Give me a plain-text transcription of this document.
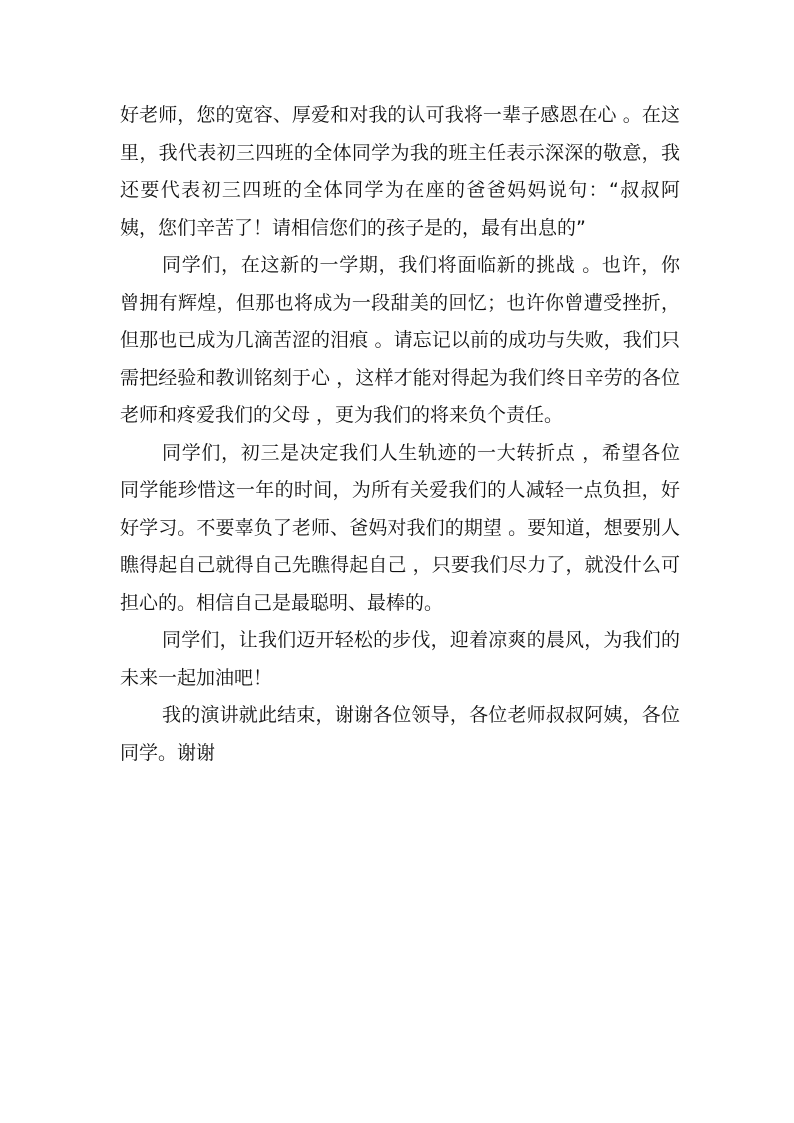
好老师，您的宽容、厚爱和对我的认可我将一辈子感恩在心 。在这里，我代表初三四班的全体同学为我的班主任表示深深的敬意，我还要代表初三四班的全体同学为在座的爸爸妈妈说句：“叔叔阿姨，您们辛苦了！请相信您们的孩子是的，最有出息的”

同学们，在这新的一学期，我们将面临新的挑战 。也许，你曾拥有辉煌，但那也将成为一段甜美的回忆；也许你曾遭受挫折，但那也已成为几滴苦涩的泪痕 。请忘记以前的成功与失败，我们只需把经验和教训铭刻于心 ，这样才能对得起为我们终日辛劳的各位老师和疼爱我们的父母 ，更为我们的将来负个责任。

同学们，初三是决定我们人生轨迹的一大转折点 ，希望各位同学能珍惜这一年的时间，为所有关爱我们的人减轻一点负担，好好学习。不要辜负了老师、爸妈对我们的期望 。要知道，想要别人瞧得起自己就得自己先瞧得起自己 ，只要我们尽力了，就没什么可担心的。相信自己是最聪明、最棒的。

同学们，让我们迈开轻松的步伐，迎着凉爽的晨风，为我们的未来一起加油吧！

我的演讲就此结束，谢谢各位领导，各位老师叔叔阿姨，各位同学。谢谢
